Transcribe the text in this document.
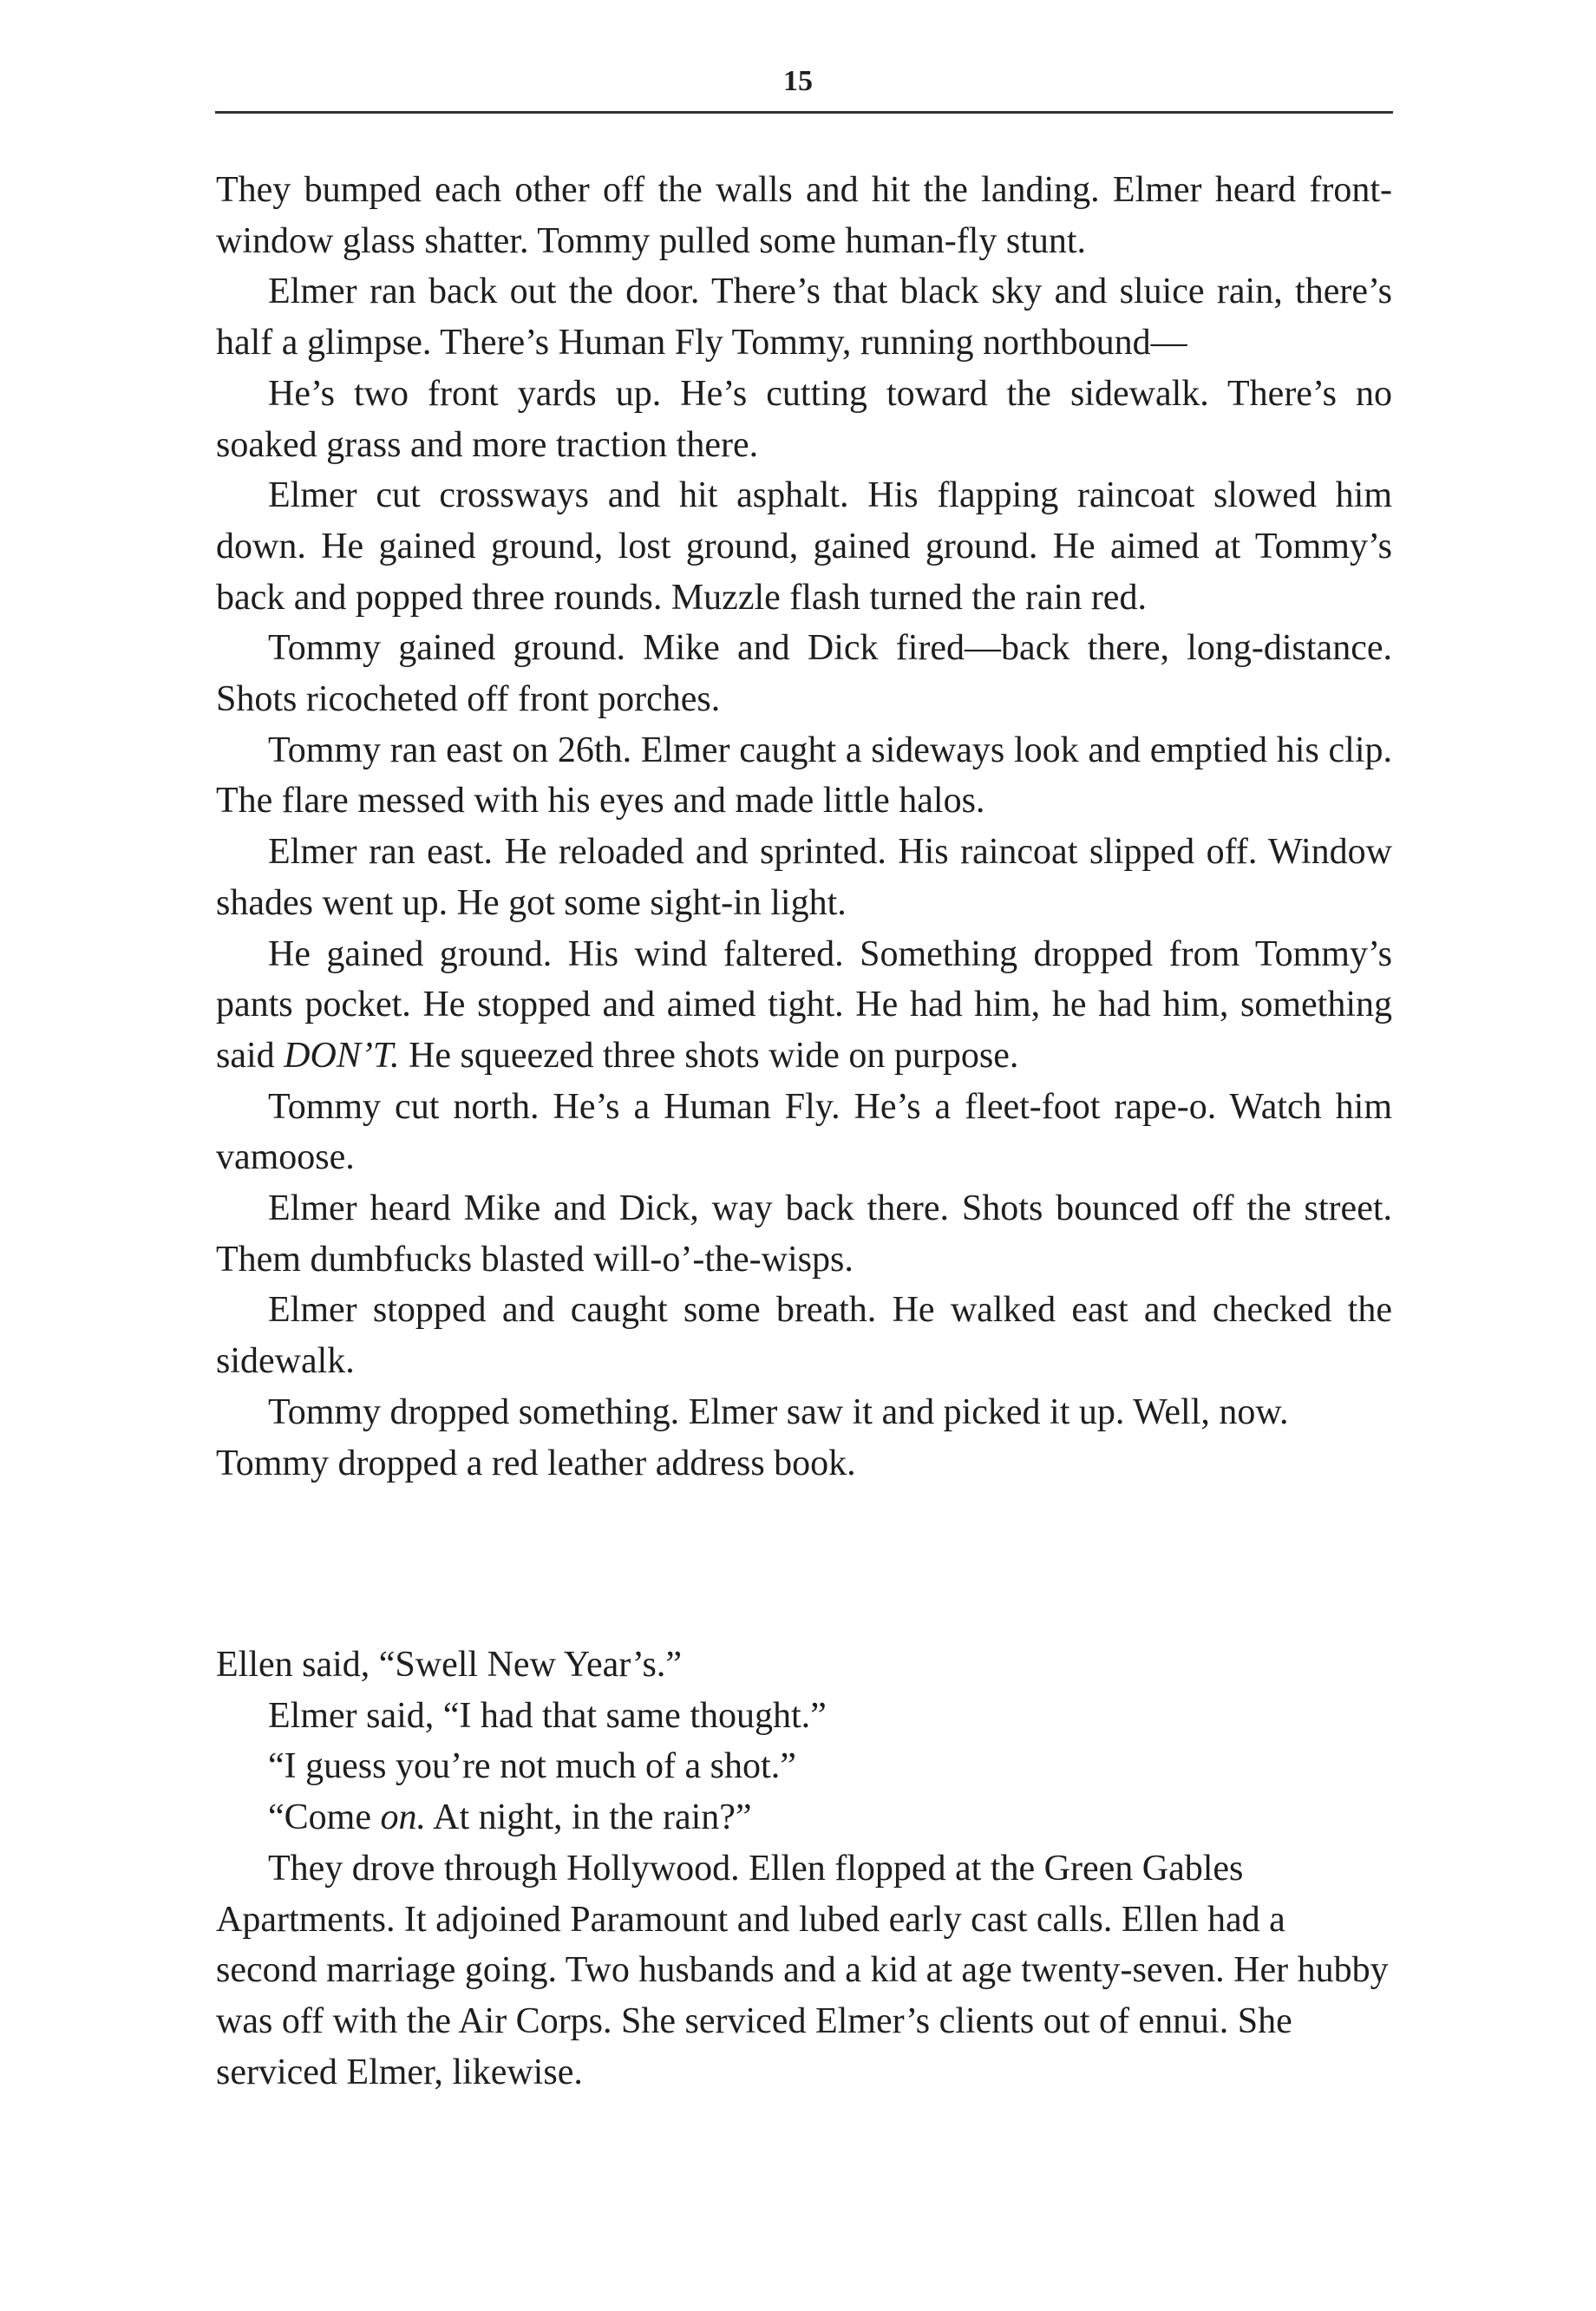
15

They bumped each other off the walls and hit the landing. Elmer heard front-window glass shatter. Tommy pulled some human-fly stunt.

Elmer ran back out the door. There’s that black sky and sluice rain, there’s half a glimpse. There’s Human Fly Tommy, running northbound—

He’s two front yards up. He’s cutting toward the sidewalk. There’s no soaked grass and more traction there.

Elmer cut crossways and hit asphalt. His flapping raincoat slowed him down. He gained ground, lost ground, gained ground. He aimed at Tommy’s back and popped three rounds. Muzzle flash turned the rain red.

Tommy gained ground. Mike and Dick fired—back there, long-distance. Shots ricocheted off front porches.

Tommy ran east on 26th. Elmer caught a sideways look and emptied his clip. The flare messed with his eyes and made little halos.

Elmer ran east. He reloaded and sprinted. His raincoat slipped off. Window shades went up. He got some sight-in light.

He gained ground. His wind faltered. Something dropped from Tommy’s pants pocket. He stopped and aimed tight. He had him, he had him, something said DON’T. He squeezed three shots wide on purpose.

Tommy cut north. He’s a Human Fly. He’s a fleet-foot rape-o. Watch him vamoose.

Elmer heard Mike and Dick, way back there. Shots bounced off the street. Them dumbfucks blasted will-o’-the-wisps.

Elmer stopped and caught some breath. He walked east and checked the sidewalk.

Tommy dropped something. Elmer saw it and picked it up. Well, now. Tommy dropped a red leather address book.

Ellen said, “Swell New Year’s.”

Elmer said, “I had that same thought.”

“I guess you’re not much of a shot.”

“Come on. At night, in the rain?”

They drove through Hollywood. Ellen flopped at the Green Gables Apartments. It adjoined Paramount and lubed early cast calls. Ellen had a second marriage going. Two husbands and a kid at age twenty-seven. Her hubby was off with the Air Corps. She serviced Elmer’s clients out of ennui. She serviced Elmer, likewise.
